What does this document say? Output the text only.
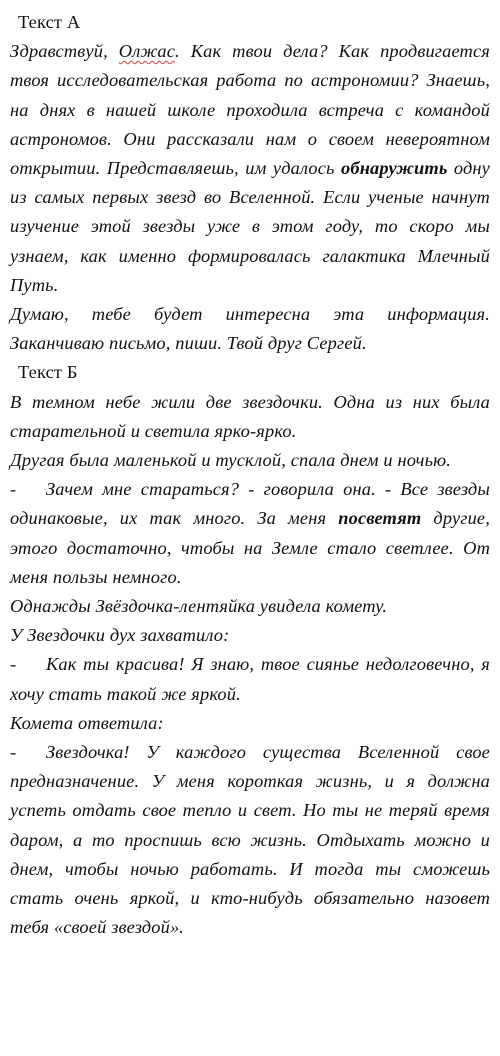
Текст А

Здравствуй, Олжас. Как твои дела? Как продвигается твоя исследовательская работа по астрономии? Знаешь, на днях в нашей школе проходила встреча с командой астрономов. Они рассказали нам о своем невероятном открытии. Представляешь, им удалось обнаружить одну из самых первых звезд во Вселенной. Если ученые начнут изучение этой звезды уже в этом году, то скоро мы узнаем, как именно формировалась галактика Млечный Путь.

Думаю, тебе будет интересна эта информация. Заканчиваю письмо, пиши. Твой друг Сергей.

Текст Б

В темном небе жили две звездочки. Одна из них была старательной и светила ярко-ярко.

Другая была маленькой и тусклой, спала днем и ночью.

- Зачем мне стараться? - говорила она. - Все звезды одинаковые, их так много. За меня посветят другие, этого достаточно, чтобы на Земле стало светлее. От меня пользы немного.

Однажды Звёздочка-лентяйка увидела комету.

У Звездочки дух захватило:

- Как ты красива! Я знаю, твое сиянье недолговечно, я хочу стать такой же яркой.

Комета ответила:

- Звездочка! У каждого существа Вселенной свое предназначение. У меня короткая жизнь, и я должна успеть отдать свое тепло и свет. Но ты не теряй время даром, а то проспишь всю жизнь. Отдыхать можно и днем, чтобы ночью работать. И тогда ты сможешь стать очень яркой, и кто-нибудь обязательно назовет тебя «своей звездой».
